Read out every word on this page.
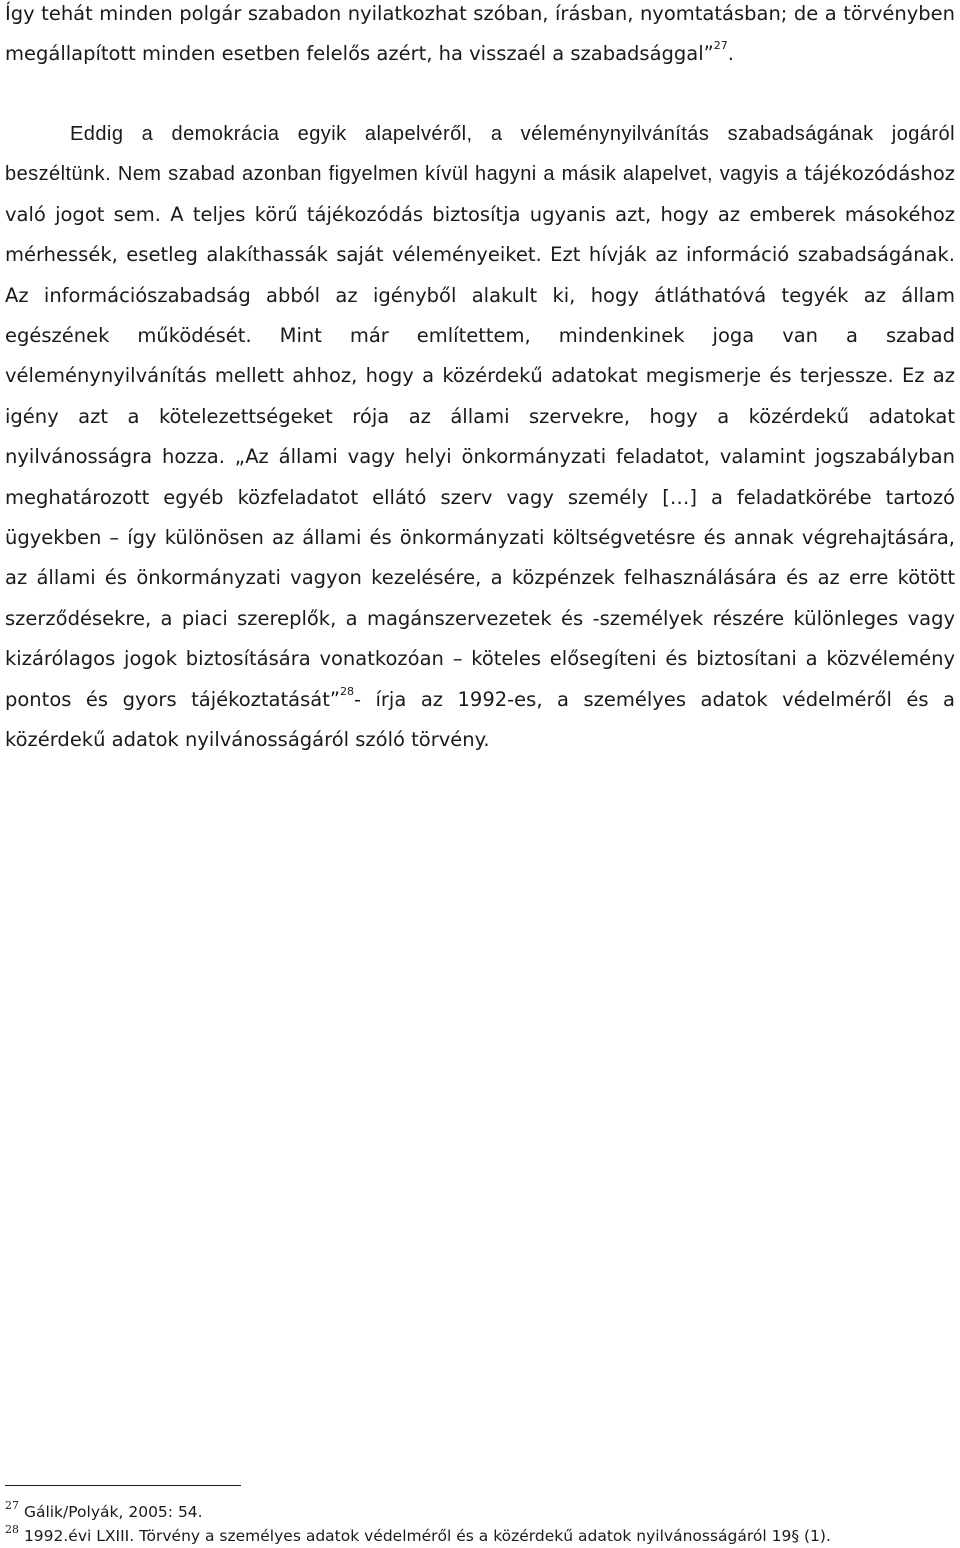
Így tehát minden polgár szabadon nyilatkozhat szóban, írásban, nyomtatásban; de a törvényben megállapított minden esetben felelős azért, ha visszaél a szabadsággal”$^{27}$.

Eddig a demokrácia egyik alapelvéről, a véleménynyilvánítás szabadságának jogáról beszéltünk. Nem szabad azonban figyelmen kívül hagyni a másik alapelvet, vagyis a tájékozódáshoz való jogot sem. A teljes körű tájékozódás biztosítja ugyanis azt, hogy az emberek másokéhoz mérhessék, esetleg alakíthassák saját véleményeiket. Ezt hívják az információ szabadságának. Az információszabadság abból az igényből alakult ki, hogy átláthatóvá tegyék az állam egészének működését. Mint már említettem, mindenkinek joga van a szabad véleménynyilvánítás mellett ahhoz, hogy a közérdekű adatokat megismerje és terjessze. Ez az igény azt a kötelezettségeket rója az állami szervekre, hogy a közérdekű adatokat nyilvánosságra hozza. „Az állami vagy helyi önkormányzati feladatot, valamint jogszabályban meghatározott egyéb közfeladatot ellátó szerv vagy személy […] a feladatkörébe tartozó ügyekben – így különösen az állami és önkormányzati költségvetésre és annak végrehajtására, az állami és önkormányzati vagyon kezelésére, a közpénzek felhasználására és az erre kötött szerződésekre, a piaci szereplők, a magánszervezetek és -személyek részére különleges vagy kizárólagos jogok biztosítására vonatkozóan – köteles elősegíteni és biztosítani a közvélemény pontos és gyors tájékoztatását”$^{28}$- írja az 1992-es, a személyes adatok védelméről és a közérdekű adatok nyilvánosságáról szóló törvény.

$^{27}$ Gálik/Polyák, 2005: 54.

$^{28}$ 1992.évi LXIII. Törvény a személyes adatok védelméről és a közérdekű adatok nyilvánosságáról 19§ (1).
